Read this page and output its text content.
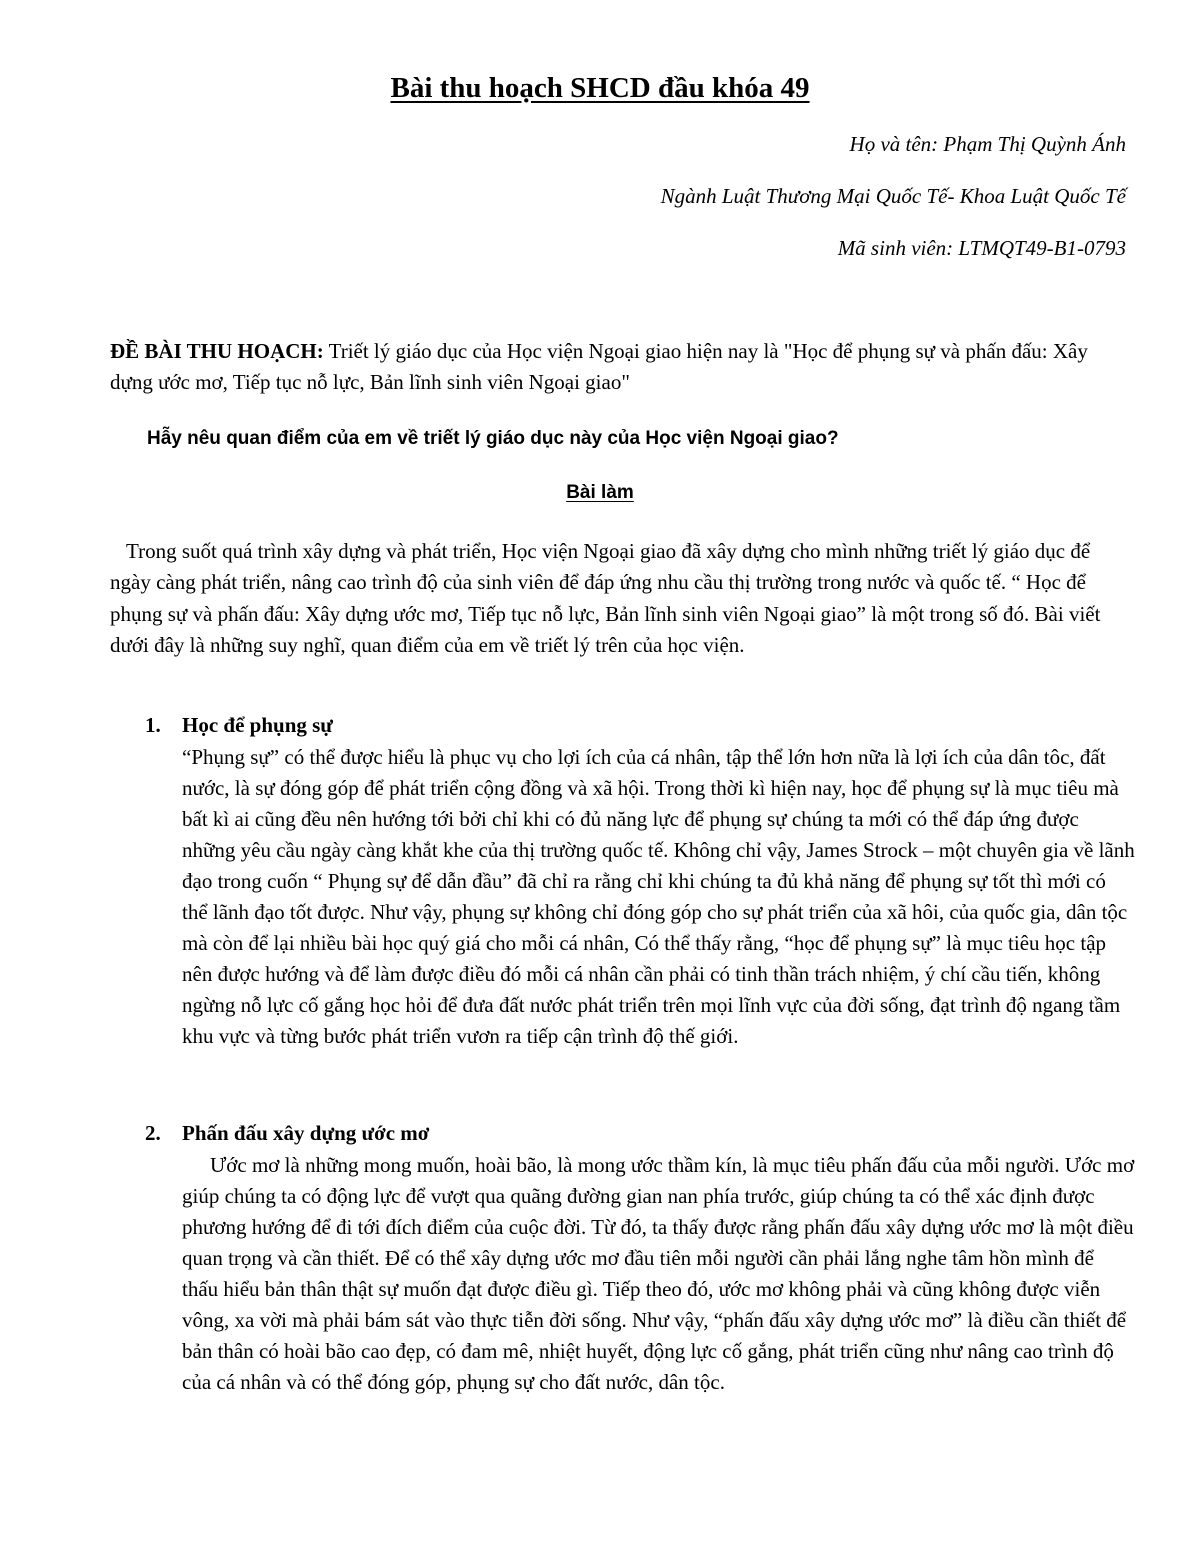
Bài thu hoạch SHCD đầu khóa 49
Họ và tên: Phạm Thị Quỳnh Ánh
Ngành Luật Thương Mại Quốc Tế- Khoa Luật Quốc Tế
Mã sinh viên: LTMQT49-B1-0793

ĐỀ BÀI THU HOẠCH: Triết lý giáo dục của Học viện Ngoại giao hiện nay là "Học để phụng sự và phấn đấu: Xây dựng ước mơ, Tiếp tục nỗ lực, Bản lĩnh sinh viên Ngoại giao"

Hẫy nêu quan điểm của em về triết lý giáo dục này của Học viện Ngoại giao?

Bài làm

Trong suốt quá trình xây dựng và phát triển, Học viện Ngoại giao đã xây dựng cho mình những triết lý giáo dục để ngày càng phát triển, nâng cao trình độ của sinh viên để đáp ứng nhu cầu thị trường trong nước và quốc tế. “ Học để phụng sự và phấn đấu: Xây dựng ước mơ, Tiếp tục nỗ lực, Bản lĩnh sinh viên Ngoại giao” là một trong số đó. Bài viết dưới đây là những suy nghĩ, quan điểm của em về triết lý trên của học viện.

1. Học để phụng sự

“Phụng sự” có thể được hiểu là phục vụ cho lợi ích của cá nhân, tập thể lớn hơn nữa là lợi ích của dân tôc, đất nước, là sự đóng góp để phát triển cộng đồng và xã hội. Trong thời kì hiện nay, học để phụng sự là mục tiêu mà bất kì ai cũng đều nên hướng tới bởi chỉ khi có đủ năng lực để phụng sự chúng ta mới có thể đáp ứng được những yêu cầu ngày càng khắt khe của thị trường quốc tế. Không chỉ vậy, James Strock – một chuyên gia về lãnh đạo trong cuốn “ Phụng sự để dẫn đầu” đã chỉ ra rằng chỉ khi chúng ta đủ khả năng để phụng sự tốt thì mới có thể lãnh đạo tốt được. Như vậy, phụng sự không chỉ đóng góp cho sự phát triển của xã hôi, của quốc gia, dân tộc mà còn để lại nhiều bài học quý giá cho mỗi cá nhân, Có thể thấy rằng, “học để phụng sự” là mục tiêu học tập nên được hướng và để làm được điều đó mỗi cá nhân cần phải có tinh thần trách nhiệm, ý chí cầu tiến, không ngừng nỗ lực cố gắng học hỏi để đưa đất nước phát triển trên mọi lĩnh vực của đời sống, đạt trình độ ngang tầm khu vực và từng bước phát triển vươn ra tiếp cận trình độ thế giới.

2. Phấn đấu xây dựng ước mơ

Ước mơ là những mong muốn, hoài bão, là mong ước thầm kín, là mục tiêu phấn đấu của mỗi người. Ước mơ giúp chúng ta có động lực để vượt qua quãng đường gian nan phía trước, giúp chúng ta có thể xác định được phương hướng để đi tới đích điểm của cuộc đời. Từ đó, ta thấy được rằng phấn đấu xây dựng ước mơ là một điều quan trọng và cần thiết. Để có thể xây dựng ước mơ đầu tiên mỗi người cần phải lắng nghe tâm hồn mình để thấu hiểu bản thân thật sự muốn đạt được điều gì. Tiếp theo đó, ước mơ không phải và cũng không được viễn vông, xa vời mà phải bám sát vào thực tiễn đời sống. Như vậy, “phấn đấu xây dựng ước mơ” là điều cần thiết để bản thân có hoài bão cao đẹp, có đam mê, nhiệt huyết, động lực cố gắng, phát triển cũng như nâng cao trình độ của cá nhân và có thể đóng góp, phụng sự cho đất nước, dân tộc.
